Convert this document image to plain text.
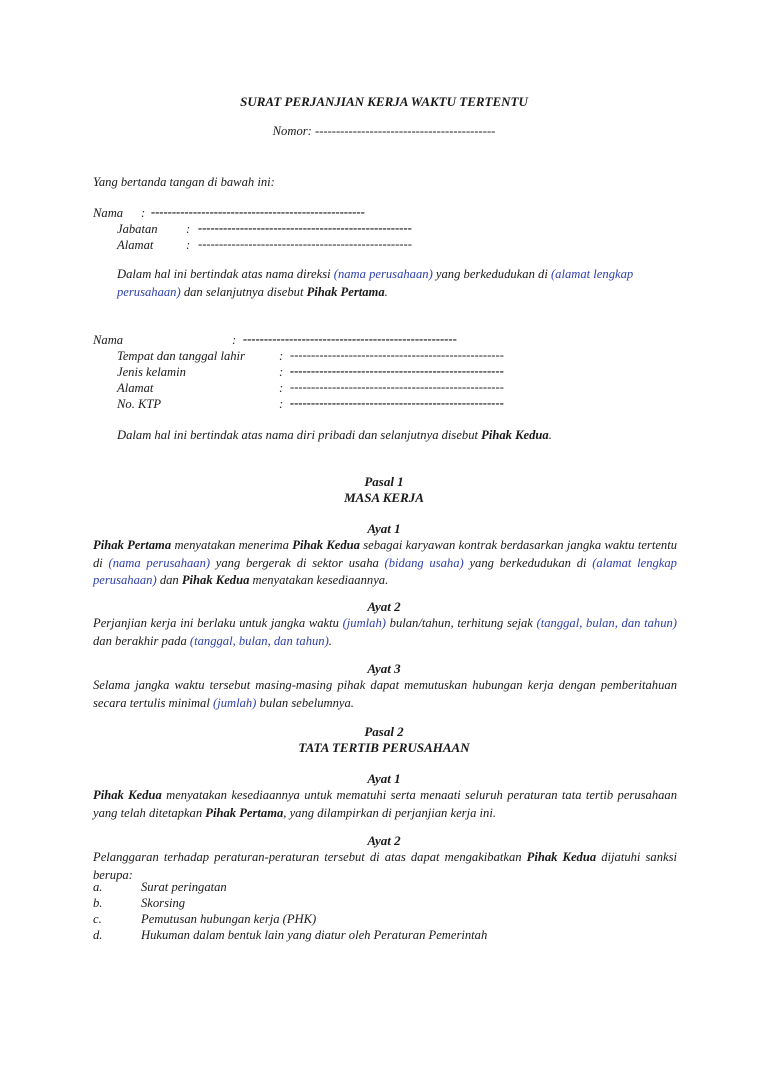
SURAT PERJANJIAN KERJA WAKTU TERTENTU
Nomor: -------------------------------------------
Yang bertanda tangan di bawah ini:
Nama : ---------------------------------------------------
Jabatan : ---------------------------------------------------
Alamat	: ---------------------------------------------------
Dalam hal ini bertindak atas nama direksi (nama perusahaan) yang berkedudukan di (alamat lengkap perusahaan) dan selanjutnya disebut Pihak Pertama.
Nama	: ---------------------------------------------------
Tempat dan tanggal lahir	: ---------------------------------------------------
Jenis kelamin	: ---------------------------------------------------
Alamat	: ---------------------------------------------------
No. KTP	: ---------------------------------------------------
Dalam hal ini bertindak atas nama diri pribadi dan selanjutnya disebut Pihak Kedua.
Pasal 1
MASA KERJA
Ayat 1
Pihak Pertama menyatakan menerima Pihak Kedua sebagai karyawan kontrak berdasarkan jangka waktu tertentu di (nama perusahaan) yang bergerak di sektor usaha (bidang usaha) yang berkedudukan di (alamat lengkap perusahaan) dan Pihak Kedua menyatakan kesediaannya.
Ayat 2
Perjanjian kerja ini berlaku untuk jangka waktu (jumlah) bulan/tahun, terhitung sejak (tanggal, bulan, dan tahun) dan berakhir pada (tanggal, bulan, dan tahun).
Ayat 3
Selama jangka waktu tersebut masing-masing pihak dapat memutuskan hubungan kerja dengan pemberitahuan secara tertulis minimal (jumlah) bulan sebelumnya.
Pasal 2
TATA TERTIB PERUSAHAAN
Ayat 1
Pihak Kedua menyatakan kesediaannya untuk mematuhi serta menaati seluruh peraturan tata tertib perusahaan yang telah ditetapkan Pihak Pertama, yang dilampirkan di perjanjian kerja ini.
Ayat 2
Pelanggaran terhadap peraturan-peraturan tersebut di atas dapat mengakibatkan Pihak Kedua dijatuhi sanksi berupa:
a.	Surat peringatan
b.	Skorsing
c.	Pemutusan hubungan kerja (PHK)
d.	Hukuman dalam bentuk lain yang diatur oleh Peraturan Pemerintah
